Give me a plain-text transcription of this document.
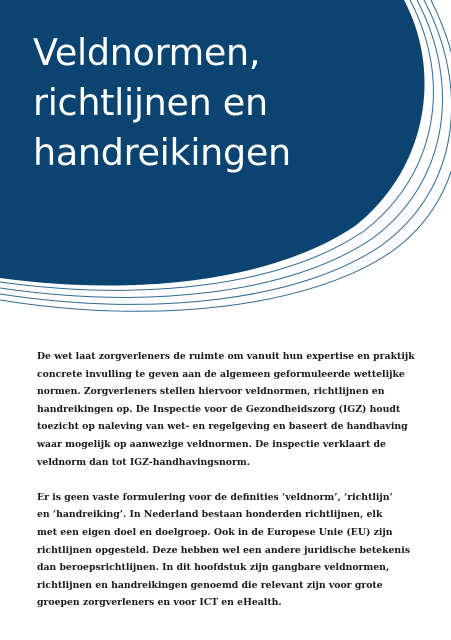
Veldnormen,
richtlijnen en
handreikingen

De wet laat zorgverleners de ruimte om vanuit hun expertise en praktijk
concrete invulling te geven aan de algemeen geformuleerde wettelijke
normen. Zorgverleners stellen hiervoor veldnormen, richtlijnen en
handreikingen op. De Inspectie voor de Gezondheidszorg (IGZ) houdt
toezicht op naleving van wet- en regelgeving en baseert de handhaving
waar mogelijk op aanwezige veldnormen. De inspectie verklaart de
veldnorm dan tot IGZ-handhavingsnorm.

Er is geen vaste formulering voor de definities ‘veldnorm’, ‘richtlijn’
en ‘handreiking’. In Nederland bestaan honderden richtlijnen, elk
met een eigen doel en doelgroep. Ook in de Europese Unie (EU) zijn
richtlijnen opgesteld. Deze hebben wel een andere juridische betekenis
dan beroepsrichtlijnen. In dit hoofdstuk zijn gangbare veldnormen,
richtlijnen en handreikingen genoemd die relevant zijn voor grote
groepen zorgverleners en voor ICT en eHealth.
